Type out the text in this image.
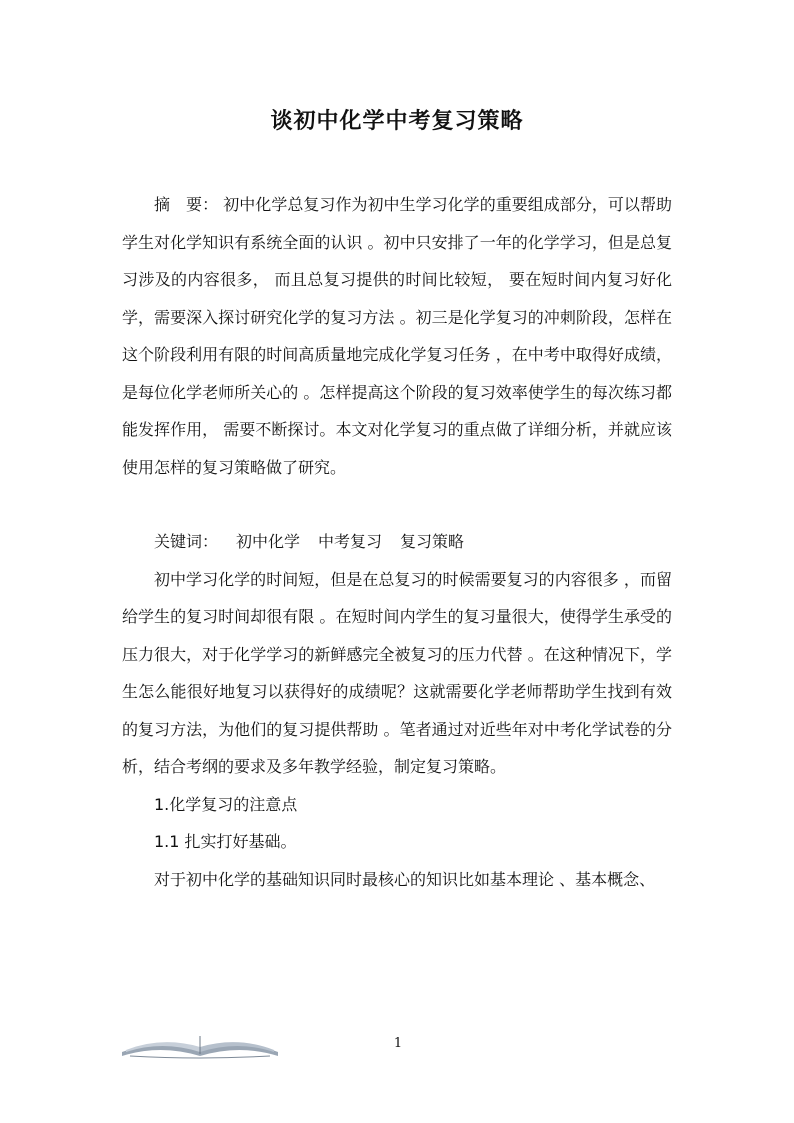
谈初中化学中考复习策略

摘　要： 初中化学总复习作为初中生学习化学的重要组成部分，可以帮助学生对化学知识有系统全面的认识 。初中只安排了一年的化学学习，但是总复习涉及的内容很多， 而且总复习提供的时间比较短， 要在短时间内复习好化学，需要深入探讨研究化学的复习方法 。初三是化学复习的冲刺阶段，怎样在这个阶段利用有限的时间高质量地完成化学复习任务 ，在中考中取得好成绩，是每位化学老师所关心的 。怎样提高这个阶段的复习效率使学生的每次练习都能发挥作用， 需要不断探讨。本文对化学复习的重点做了详细分析，并就应该使用怎样的复习策略做了研究。

关键词： 初中化学 中考复习 复习策略

初中学习化学的时间短，但是在总复习的时候需要复习的内容很多 ，而留给学生的复习时间却很有限 。在短时间内学生的复习量很大，使得学生承受的压力很大，对于化学学习的新鲜感完全被复习的压力代替 。在这种情况下，学生怎么能很好地复习以获得好的成绩呢？这就需要化学老师帮助学生找到有效的复习方法，为他们的复习提供帮助 。笔者通过对近些年对中考化学试卷的分析，结合考纲的要求及多年教学经验，制定复习策略。

1.化学复习的注意点

1.1 扎实打好基础。

对于初中化学的基础知识同时最核心的知识比如基本理论 、基本概念、

1
